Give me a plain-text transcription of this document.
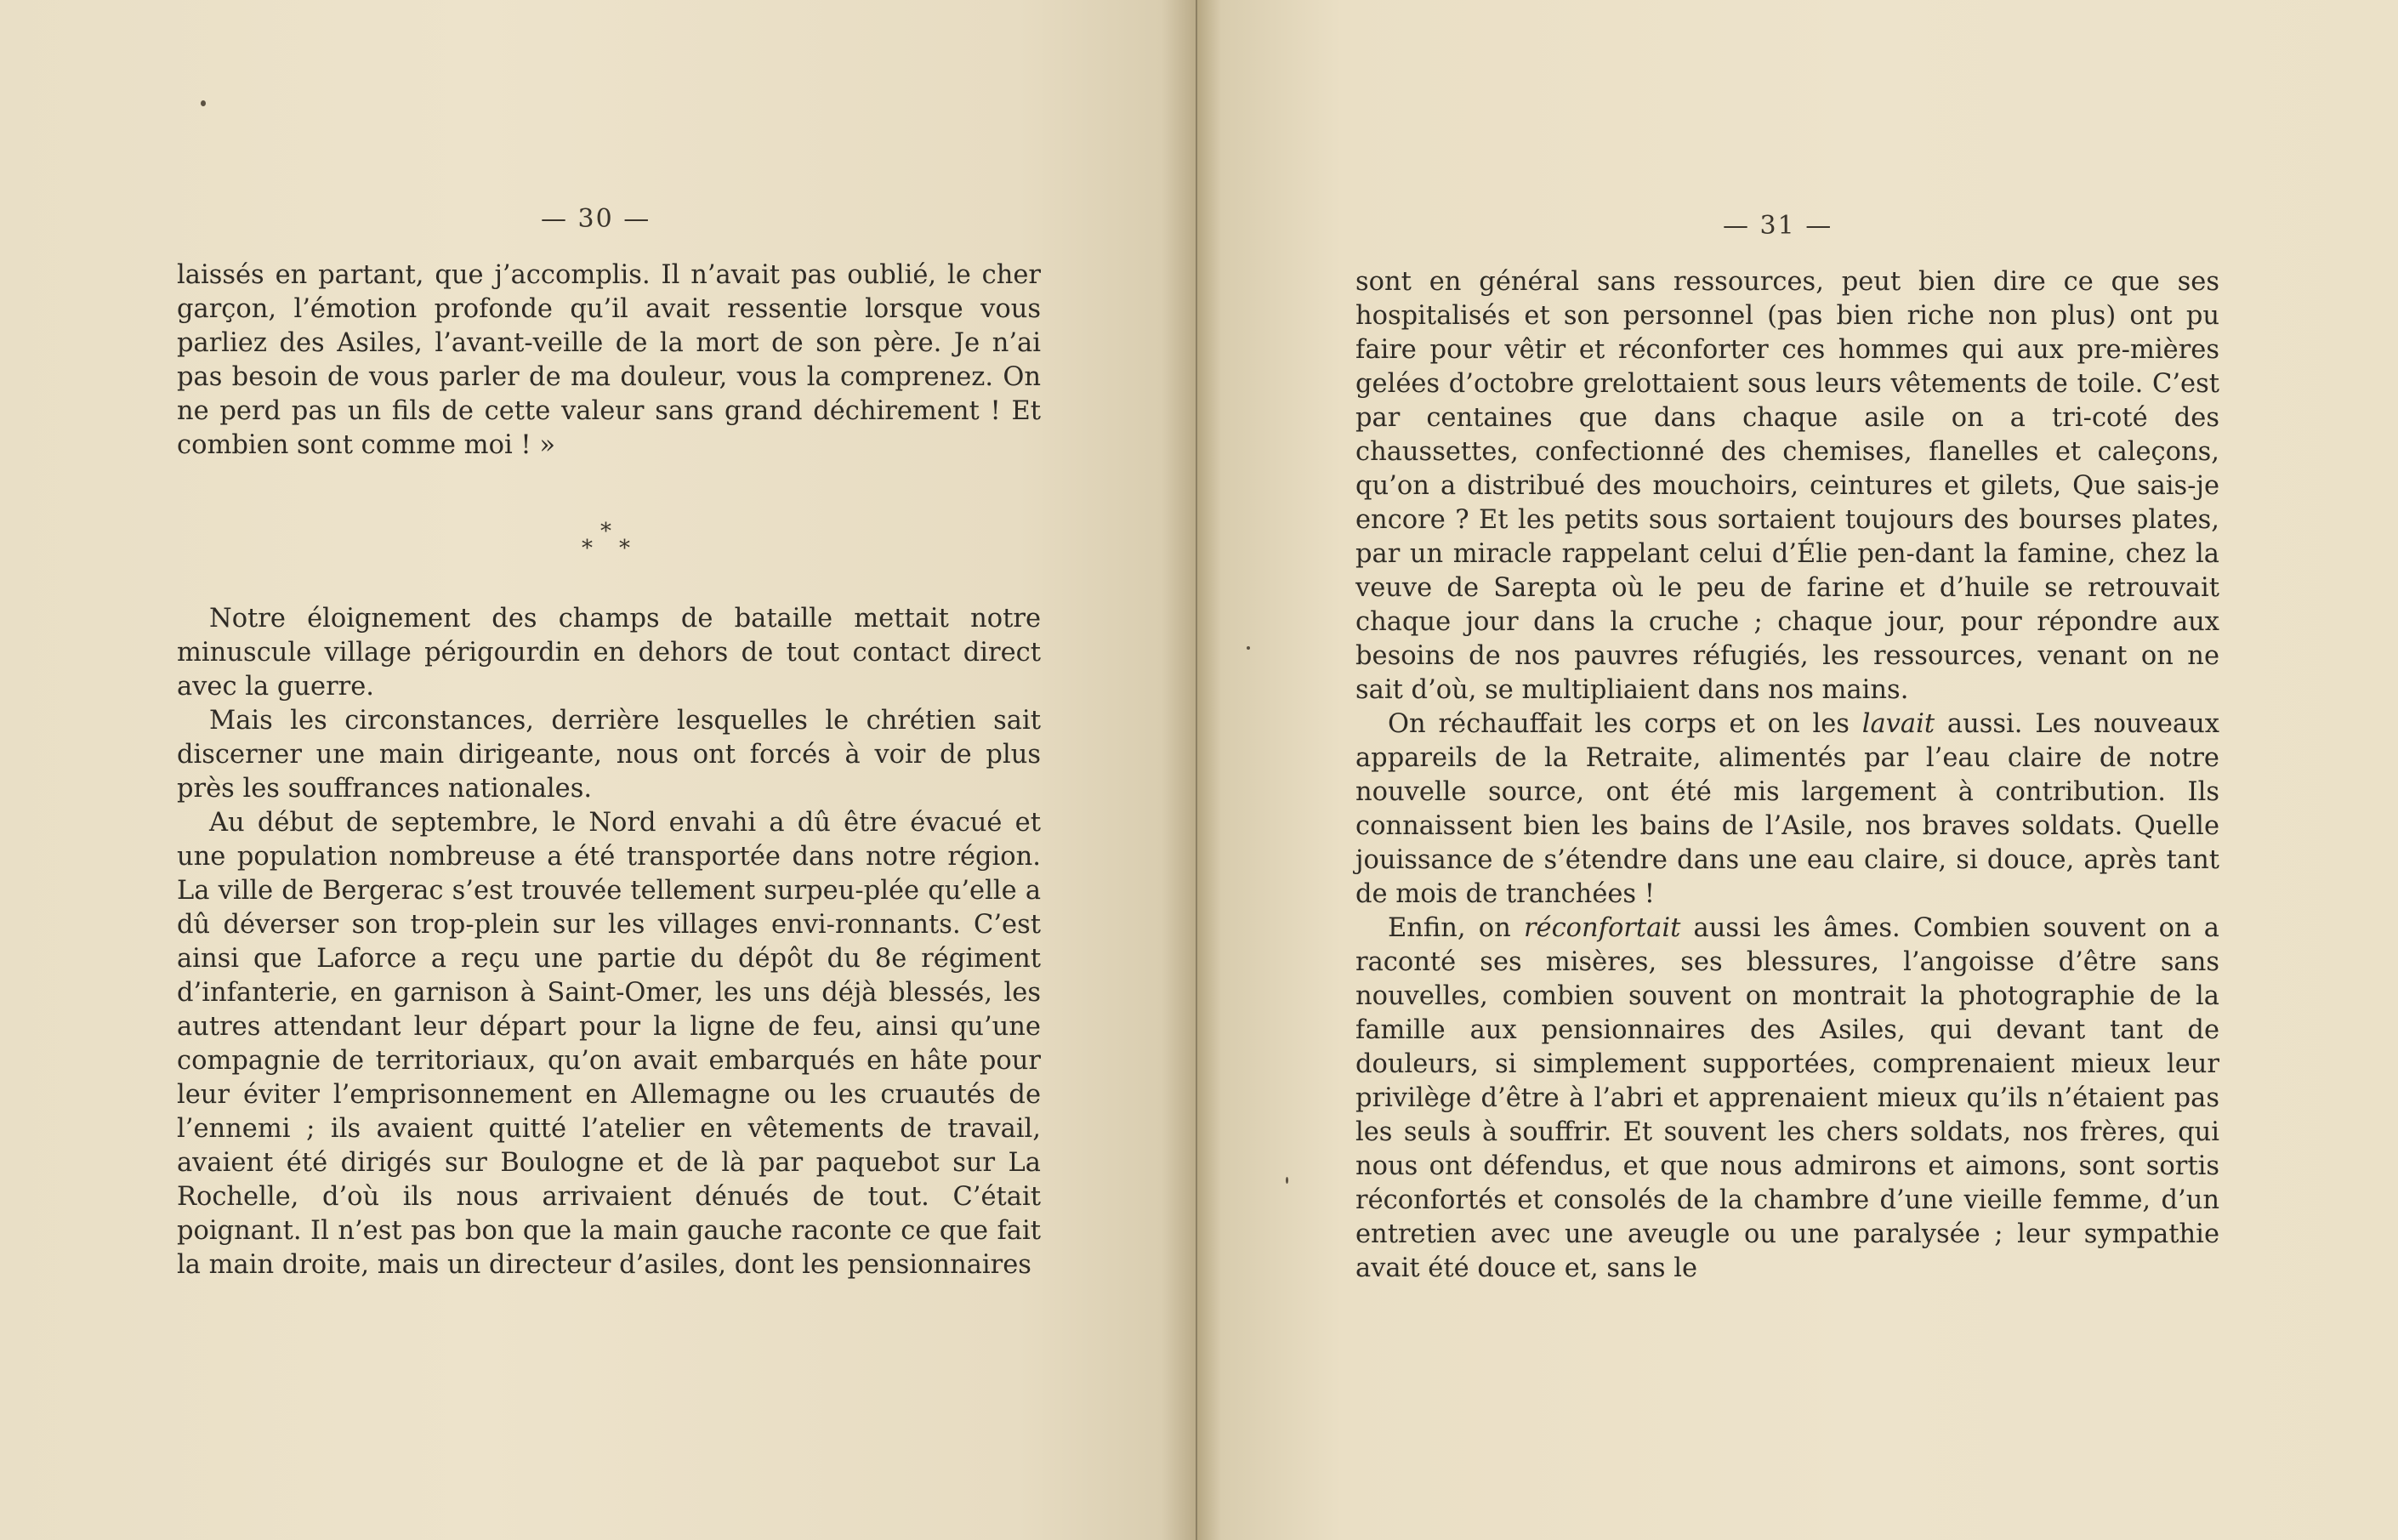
— 30 —

laissés en partant, que j’accomplis. Il n’avait pas oublié, le cher garçon, l’émotion profonde qu’il avait ressentie lorsque vous parliez des Asiles, l’avant-veille de la mort de son père. Je n’ai pas besoin de vous parler de ma douleur, vous la comprenez. On ne perd pas un fils de cette valeur sans grand déchirement ! Et combien sont comme moi ! »

*
* *

Notre éloignement des champs de bataille mettait notre minuscule village périgourdin en dehors de tout contact direct avec la guerre.

Mais les circonstances, derrière lesquelles le chrétien sait discerner une main dirigeante, nous ont forcés à voir de plus près les souffrances nationales.

Au début de septembre, le Nord envahi a dû être évacué et une population nombreuse a été transportée dans notre région. La ville de Bergerac s’est trouvée tellement surpeu-plée qu’elle a dû déverser son trop-plein sur les villages envi-ronnants. C’est ainsi que Laforce a reçu une partie du dépôt du 8e régiment d’infanterie, en garnison à Saint-Omer, les uns déjà blessés, les autres attendant leur départ pour la ligne de feu, ainsi qu’une compagnie de territoriaux, qu’on avait embarqués en hâte pour leur éviter l’emprisonnement en Allemagne ou les cruautés de l’ennemi ; ils avaient quitté l’atelier en vêtements de travail, avaient été dirigés sur Boulogne et de là par paquebot sur La Rochelle, d’où ils nous arrivaient dénués de tout. C’était poignant. Il n’est pas bon que la main gauche raconte ce que fait la main droite, mais un directeur d’asiles, dont les pensionnaires

— 31 —

sont en général sans ressources, peut bien dire ce que ses hospitalisés et son personnel (pas bien riche non plus) ont pu faire pour vêtir et réconforter ces hommes qui aux pre-mières gelées d’octobre grelottaient sous leurs vêtements de toile. C’est par centaines que dans chaque asile on a tri-coté des chaussettes, confectionné des chemises, flanelles et caleçons, qu’on a distribué des mouchoirs, ceintures et gilets, Que sais-je encore ? Et les petits sous sortaient toujours des bourses plates, par un miracle rappelant celui d’Élie pen-dant la famine, chez la veuve de Sarepta où le peu de farine et d’huile se retrouvait chaque jour dans la cruche ; chaque jour, pour répondre aux besoins de nos pauvres réfugiés, les ressources, venant on ne sait d’où, se multipliaient dans nos mains.

On réchauffait les corps et on les lavait aussi. Les nouveaux appareils de la Retraite, alimentés par l’eau claire de notre nouvelle source, ont été mis largement à contribution. Ils connaissent bien les bains de l’Asile, nos braves soldats. Quelle jouissance de s’étendre dans une eau claire, si douce, après tant de mois de tranchées !

Enfin, on réconfortait aussi les âmes. Combien souvent on a raconté ses misères, ses blessures, l’angoisse d’être sans nouvelles, combien souvent on montrait la photographie de la famille aux pensionnaires des Asiles, qui devant tant de douleurs, si simplement supportées, comprenaient mieux leur privilège d’être à l’abri et apprenaient mieux qu’ils n’étaient pas les seuls à souffrir. Et souvent les chers soldats, nos frères, qui nous ont défendus, et que nous admirons et aimons, sont sortis réconfortés et consolés de la chambre d’une vieille femme, d’un entretien avec une aveugle ou une paralysée ; leur sympathie avait été douce et, sans le
